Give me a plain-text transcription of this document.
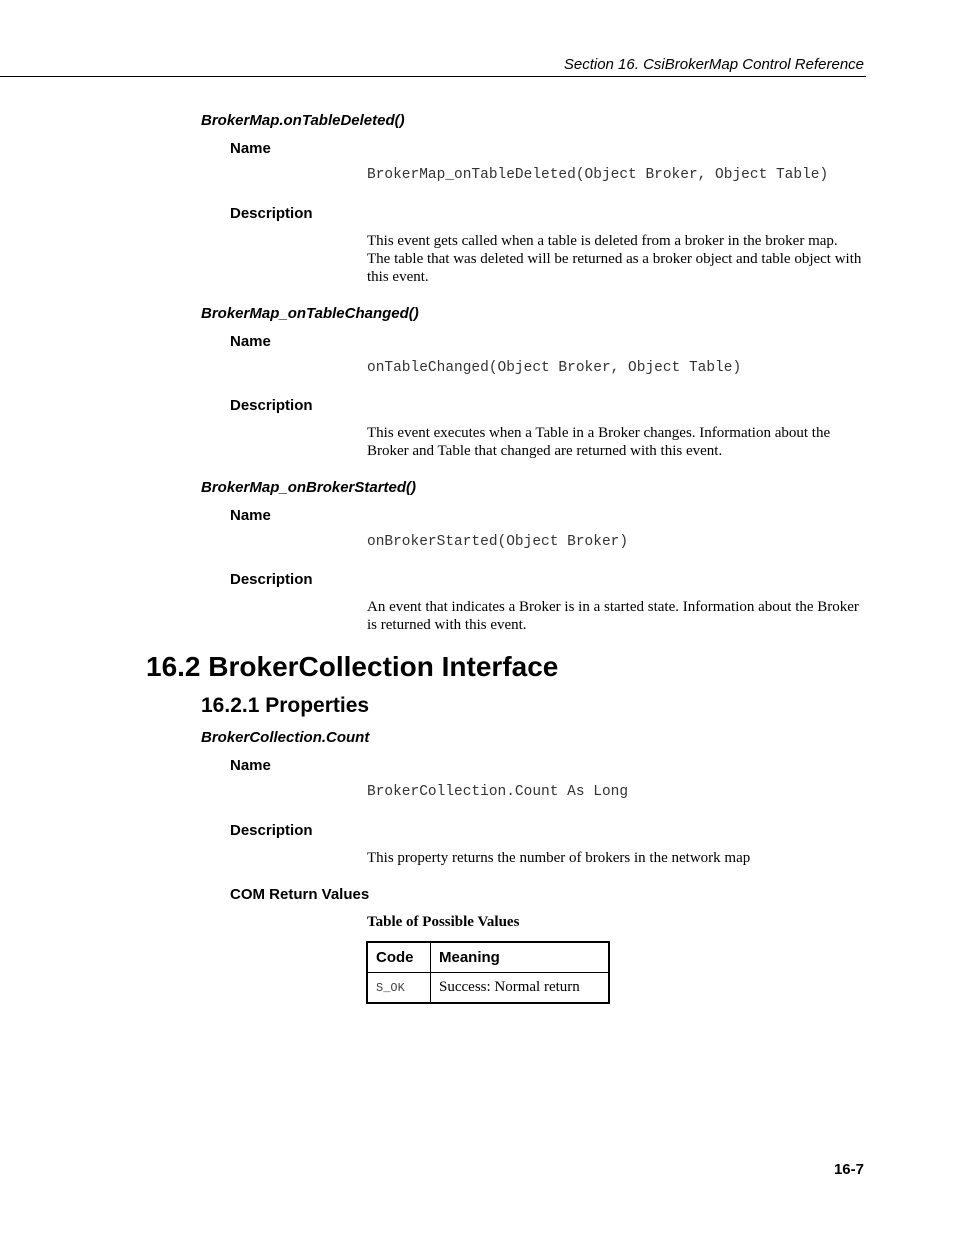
Section 16. CsiBrokerMap Control Reference
BrokerMap.onTableDeleted()
Name
BrokerMap_onTableDeleted(Object Broker, Object Table)
Description
This event gets called when a table is deleted from a broker in the broker map. The table that was deleted will be returned as a broker object and table object with this event.
BrokerMap_onTableChanged()
Name
onTableChanged(Object Broker, Object Table)
Description
This event executes when a Table in a Broker changes. Information about the Broker and Table that changed are returned with this event.
BrokerMap_onBrokerStarted()
Name
onBrokerStarted(Object Broker)
Description
An event that indicates a Broker is in a started state. Information about the Broker is returned with this event.
16.2 BrokerCollection Interface
16.2.1 Properties
BrokerCollection.Count
Name
BrokerCollection.Count As Long
Description
This property returns the number of brokers in the network map
COM Return Values
Table of Possible Values
Code	Meaning
S_OK	Success: Normal return
16-7
